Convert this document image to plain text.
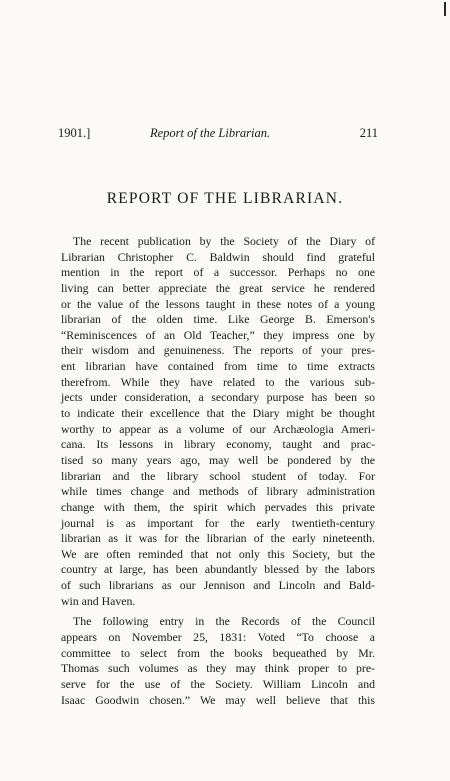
1901.]	Report of the Librarian.	211
REPORT OF THE LIBRARIAN.
The recent publication by the Society of the Diary of
Librarian Christopher C. Baldwin should find grateful
mention in the report of a successor. Perhaps no one
living can better appreciate the great service he rendered
or the value of the lessons taught in these notes of a young
librarian of the olden time. Like George B. Emerson's
“Reminiscences of an Old Teacher,” they impress one by
their wisdom and genuineness. The reports of your pres-
ent librarian have contained from time to time extracts
therefrom. While they have related to the various sub-
jects under consideration, a secondary purpose has been so
to indicate their excellence that the Diary might be thought
worthy to appear as a volume of our Archæologia Ameri-
cana. Its lessons in library economy, taught and prac-
tised so many years ago, may well be pondered by the
librarian and the library school student of today. For
while times change and methods of library administration
change with them, the spirit which pervades this private
journal is as important for the early twentieth-century
librarian as it was for the librarian of the early nineteenth.
We are often reminded that not only this Society, but the
country at large, has been abundantly blessed by the labors
of such librarians as our Jennison and Lincoln and Bald-
win and Haven.
The following entry in the Records of the Council
appears on November 25, 1831: Voted “To choose a
committee to select from the books bequeathed by Mr.
Thomas such volumes as they may think proper to pre-
serve for the use of the Society. William Lincoln and
Isaac Goodwin chosen.” We may well believe that this
